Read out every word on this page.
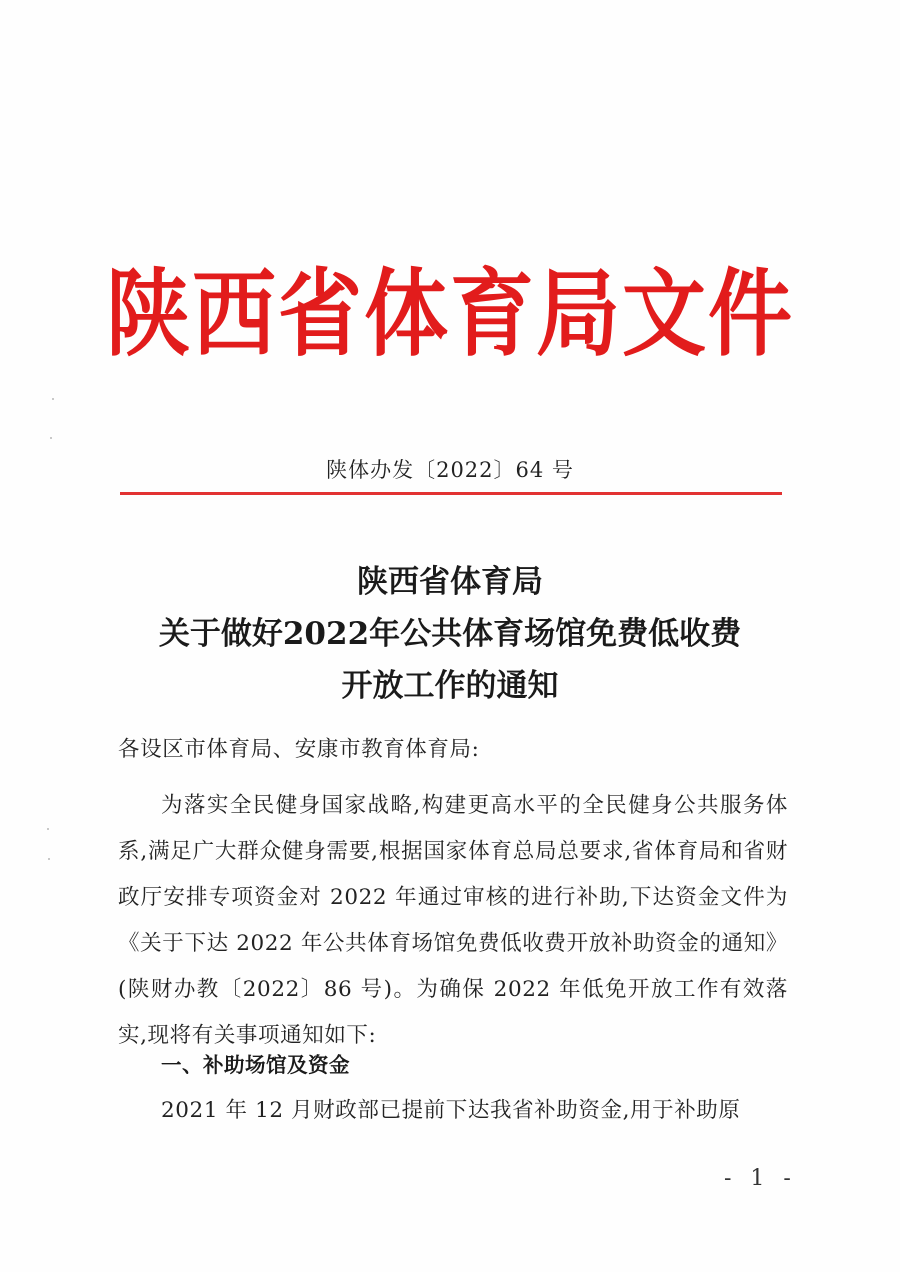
陕西省体育局文件
陕体办发〔2022〕64 号
陕西省体育局
关于做好2022年公共体育场馆免费低收费
开放工作的通知
各设区市体育局、安康市教育体育局:
为落实全民健身国家战略,构建更高水平的全民健身公共服务体系,满足广大群众健身需要,根据国家体育总局总要求,省体育局和省财政厅安排专项资金对 2022 年通过审核的进行补助,下达资金文件为《关于下达 2022 年公共体育场馆免费低收费开放补助资金的通知》(陕财办教〔2022〕86 号)。为确保 2022 年低免开放工作有效落实,现将有关事项通知如下:
一、补助场馆及资金
2021 年 12 月财政部已提前下达我省补助资金,用于补助原
- 1 -
